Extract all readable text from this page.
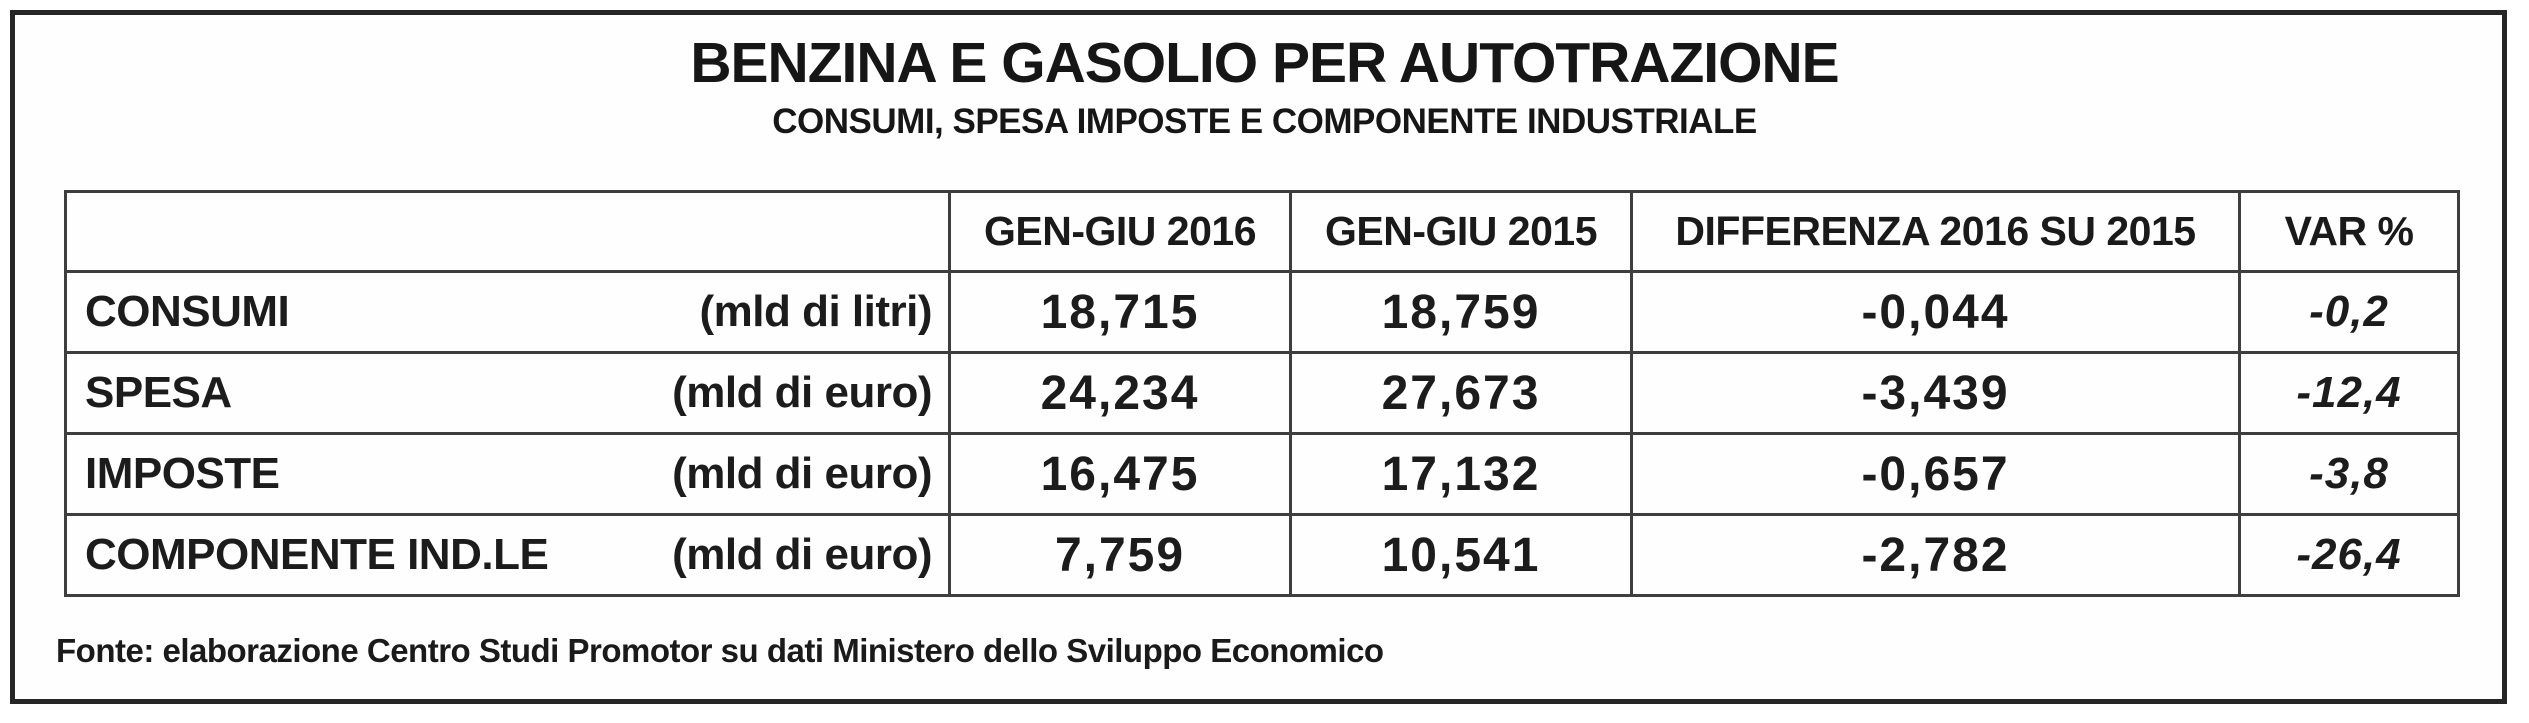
BENZINA E GASOLIO PER AUTOTRAZIONE
CONSUMI, SPESA IMPOSTE E COMPONENTE INDUSTRIALE
	GEN-GIU 2016	GEN-GIU 2015	DIFFERENZA 2016 SU 2015	VAR %

CONSUMI (mld di litri)	18,715	18,759	-0,044	-0,2

SPESA (mld di euro)	24,234	27,673	-3,439	-12,4

IMPOSTE (mld di euro)	16,475	17,132	-0,657	-3,8

COMPONENTE IND.LE (mld di euro)	7,759	10,541	-2,782	-26,4
Fonte: elaborazione Centro Studi Promotor su dati Ministero dello Sviluppo Economico
